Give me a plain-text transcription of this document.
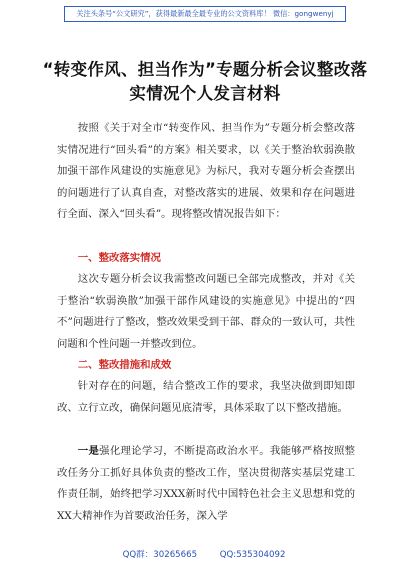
关注头条号“公文研究”，获得最新最全最专业的公文资料库！ 微信：gongwenyj
“转变作风、担当作为”专题分析会议整改落实情况个人发言材料
按照《关于对全市“转变作风、担当作为”专题分析会整改落实情况进行“回头看”的方案》相关要求，以《关于整治软弱涣散加强干部作风建设的实施意见》为标尺，我对专题分析会查摆出的问题进行了认真自查，对整改落实的进展、效果和存在问题进行全面、深入“回头看”。现将整改情况报告如下：
一、整改落实情况
这次专题分析会议我需整改问题已全部完成整改，并对《关于整治“软弱涣散”加强干部作风建设的实施意见》中提出的“四不”问题进行了整改，整改效果受到干部、群众的一致认可，共性问题和个性问题一并整改到位。
二、整改措施和成效
针对存在的问题，结合整改工作的要求，我坚决做到即知即改、立行立改，确保问题见底清零，具体采取了以下整改措施。
一是强化理论学习，不断提高政治水平。我能够严格按照整改任务分工抓好具体负责的整改工作，坚决贯彻落实基层党建工作责任制，始终把学习XXX新时代中国特色社会主义思想和党的XX大精神作为首要政治任务，深入学
QQ群：30265665	QQ:535304092
